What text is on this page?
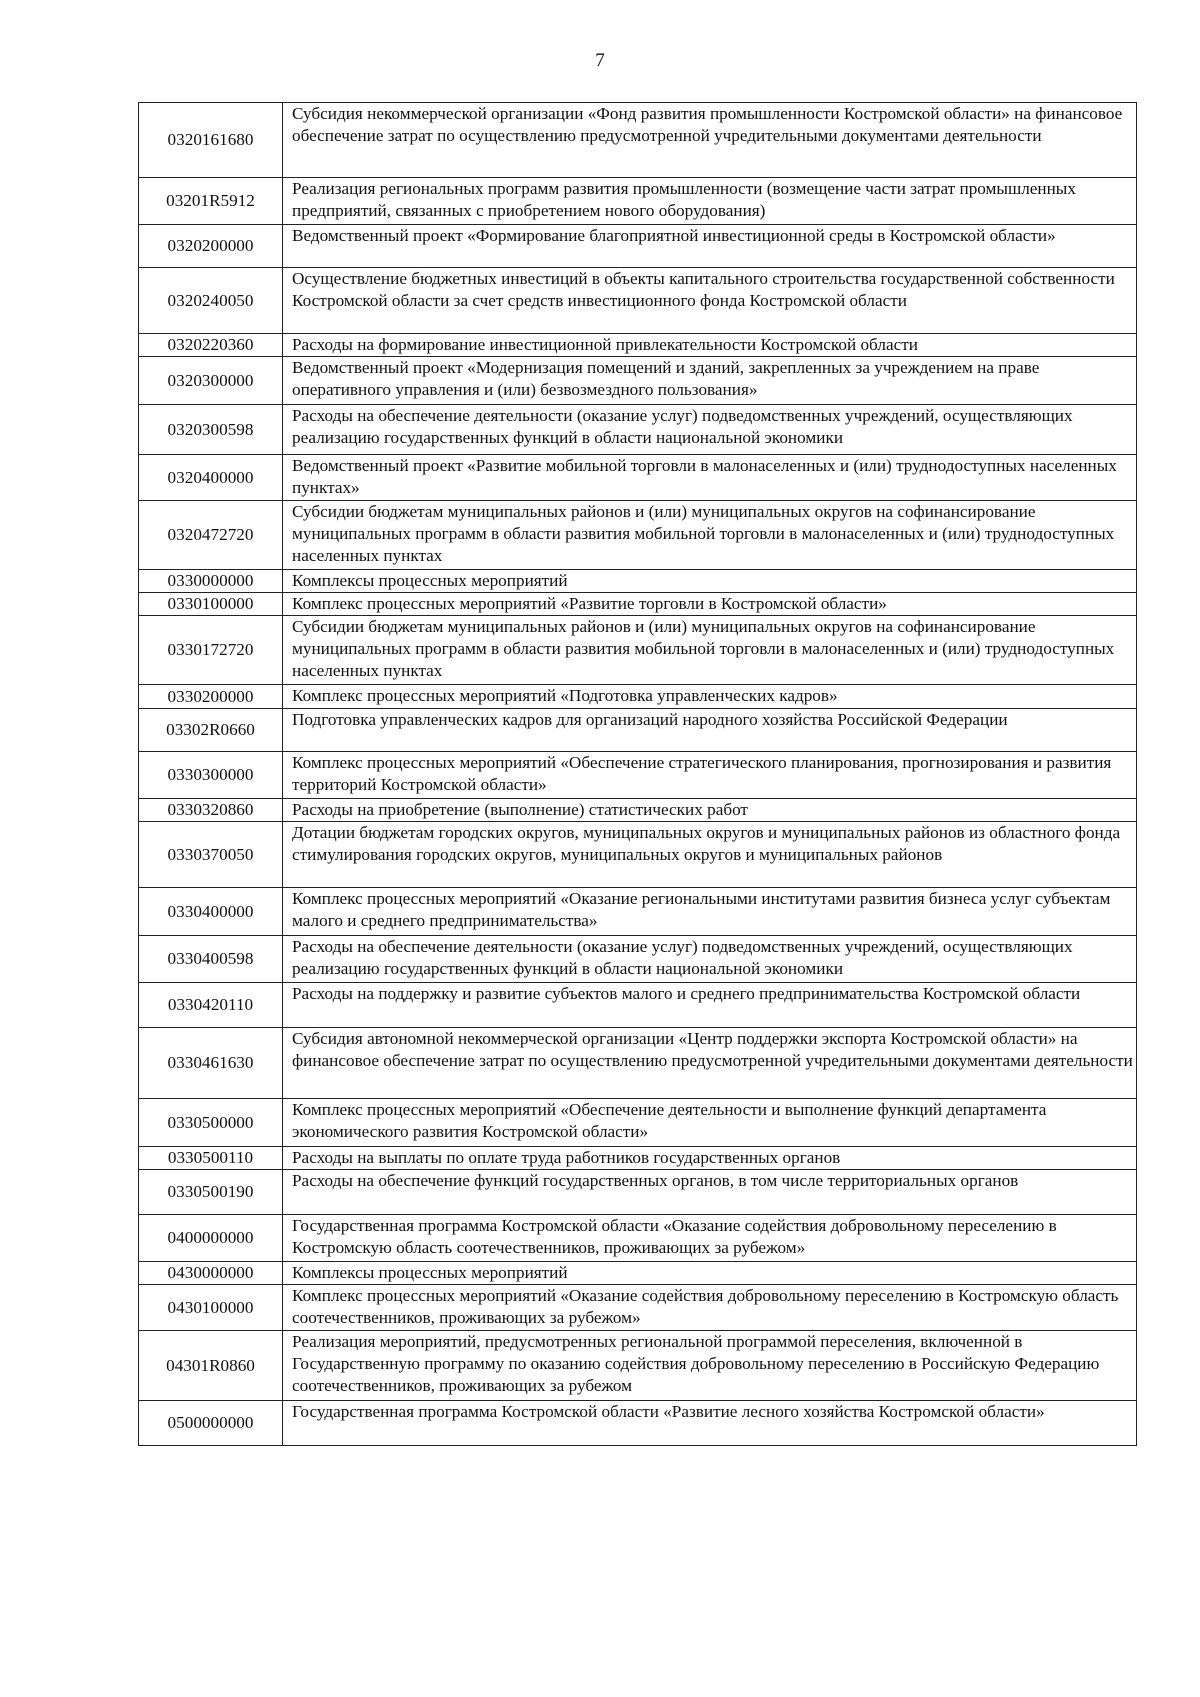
7
0320161680	Субсидия некоммерческой организации «Фонд развития промышленности Костромской области» на финансовое обеспечение затрат по осуществлению предусмотренной учредительными документами деятельности
03201R5912	Реализация региональных программ развития промышленности (возмещение части затрат промышленных предприятий, связанных с приобретением нового оборудования)
0320200000	Ведомственный проект «Формирование благоприятной инвестиционной среды в Костромской области»
0320240050	Осуществление бюджетных инвестиций в объекты капитального строительства государственной собственности Костромской области за счет средств инвестиционного фонда Костромской области
0320220360	Расходы на формирование инвестиционной привлекательности Костромской области
0320300000	Ведомственный проект «Модернизация помещений и зданий, закрепленных за учреждением на праве оперативного управления и (или) безвозмездного пользования»
0320300598	Расходы на обеспечение деятельности (оказание услуг) подведомственных учреждений, осуществляющих реализацию государственных функций в области национальной экономики
0320400000	Ведомственный проект «Развитие мобильной торговли в малонаселенных и (или) труднодоступных населенных пунктах»
0320472720	Субсидии бюджетам муниципальных районов и (или) муниципальных округов на софинансирование муниципальных программ в области развития мобильной торговли в малонаселенных и (или) труднодоступных населенных пунктах
0330000000	Комплексы процессных мероприятий
0330100000	Комплекс процессных мероприятий «Развитие торговли в Костромской области»
0330172720	Субсидии бюджетам муниципальных районов и (или) муниципальных округов на софинансирование муниципальных программ в области развития мобильной торговли в малонаселенных и (или) труднодоступных населенных пунктах
0330200000	Комплекс процессных мероприятий «Подготовка управленческих кадров»
03302R0660	Подготовка управленческих кадров для организаций народного хозяйства Российской Федерации
0330300000	Комплекс процессных мероприятий «Обеспечение стратегического планирования, прогнозирования и развития территорий Костромской области»
0330320860	Расходы на приобретение (выполнение) статистических работ
0330370050	Дотации бюджетам городских округов, муниципальных округов и муниципальных районов из областного фонда стимулирования городских округов, муниципальных округов и муниципальных районов
0330400000	Комплекс процессных мероприятий «Оказание региональными институтами развития бизнеса услуг субъектам малого и среднего предпринимательства»
0330400598	Расходы на обеспечение деятельности (оказание услуг) подведомственных учреждений, осуществляющих реализацию государственных функций в области национальной экономики
0330420110	Расходы на поддержку и развитие субъектов малого и среднего предпринимательства Костромской области
0330461630	Субсидия автономной некоммерческой организации «Центр поддержки экспорта Костромской области» на финансовое обеспечение затрат по осуществлению предусмотренной учредительными документами деятельности
0330500000	Комплекс процессных мероприятий «Обеспечение деятельности и выполнение функций департамента экономического развития Костромской области»
0330500110	Расходы на выплаты по оплате труда работников государственных органов
0330500190	Расходы на обеспечение функций государственных органов, в том числе территориальных органов
0400000000	Государственная программа Костромской области «Оказание содействия добровольному переселению в Костромскую область соотечественников, проживающих за рубежом»
0430000000	Комплексы процессных мероприятий
0430100000	Комплекс процессных мероприятий «Оказание содействия добровольному переселению в Костромскую область соотечественников, проживающих за рубежом»
04301R0860	Реализация мероприятий, предусмотренных региональной программой переселения, включенной в Государственную программу по оказанию содействия добровольному переселению в Российскую Федерацию соотечественников, проживающих за рубежом
0500000000	Государственная программа Костромской области «Развитие лесного хозяйства Костромской области»
